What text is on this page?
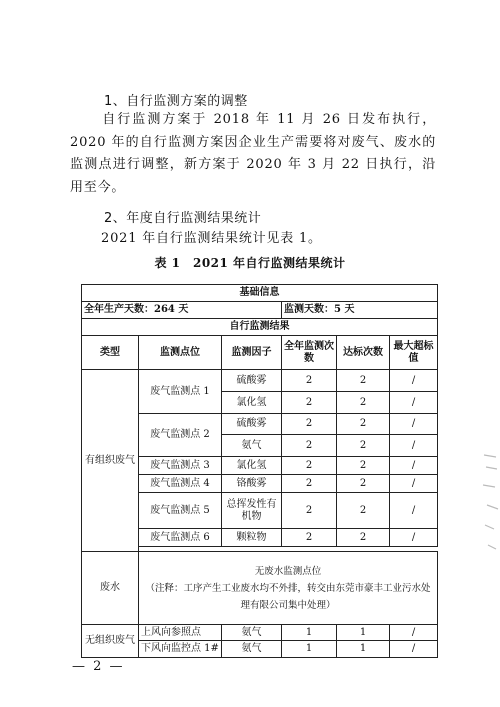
1、自行监测方案的调整
自行监测方案于 2018 年 11 月 26 日发布执行，2020 年的自行监测方案因企业生产需要将对废气、废水的监测点进行调整，新方案于 2020 年 3 月 22 日执行，沿用至今。
2、年度自行监测结果统计
2021 年自行监测结果统计见表 1。
表 1　2021 年自行监测结果统计
基础信息					
全年生产天数：264 天			监测天数：5 天		
自行监测结果					
类型	监测点位	监测因子	全年监测次数	达标次数	最大超标值
有组织废气	废气监测点 1	硫酸雾	2	2	/
		氯化氢	2	2	/
	废气监测点 2	硫酸雾	2	2	/
		氨气	2	2	/
	废气监测点 3	氯化氢	2	2	/
	废气监测点 4	铬酸雾	2	2	/
	废气监测点 5	总挥发性有机物	2	2	/
	废气监测点 6	颗粒物	2	2	/

废水	无废水监测点位
（注释：工序产生工业废水均不外排，转交由东莞市豪丰工业污水处理有限公司集中处理）				

无组织废气	上风向参照点	氨气	1	1	/
	下风向监控点 1#	氨气	1	1	/
— 2 —
